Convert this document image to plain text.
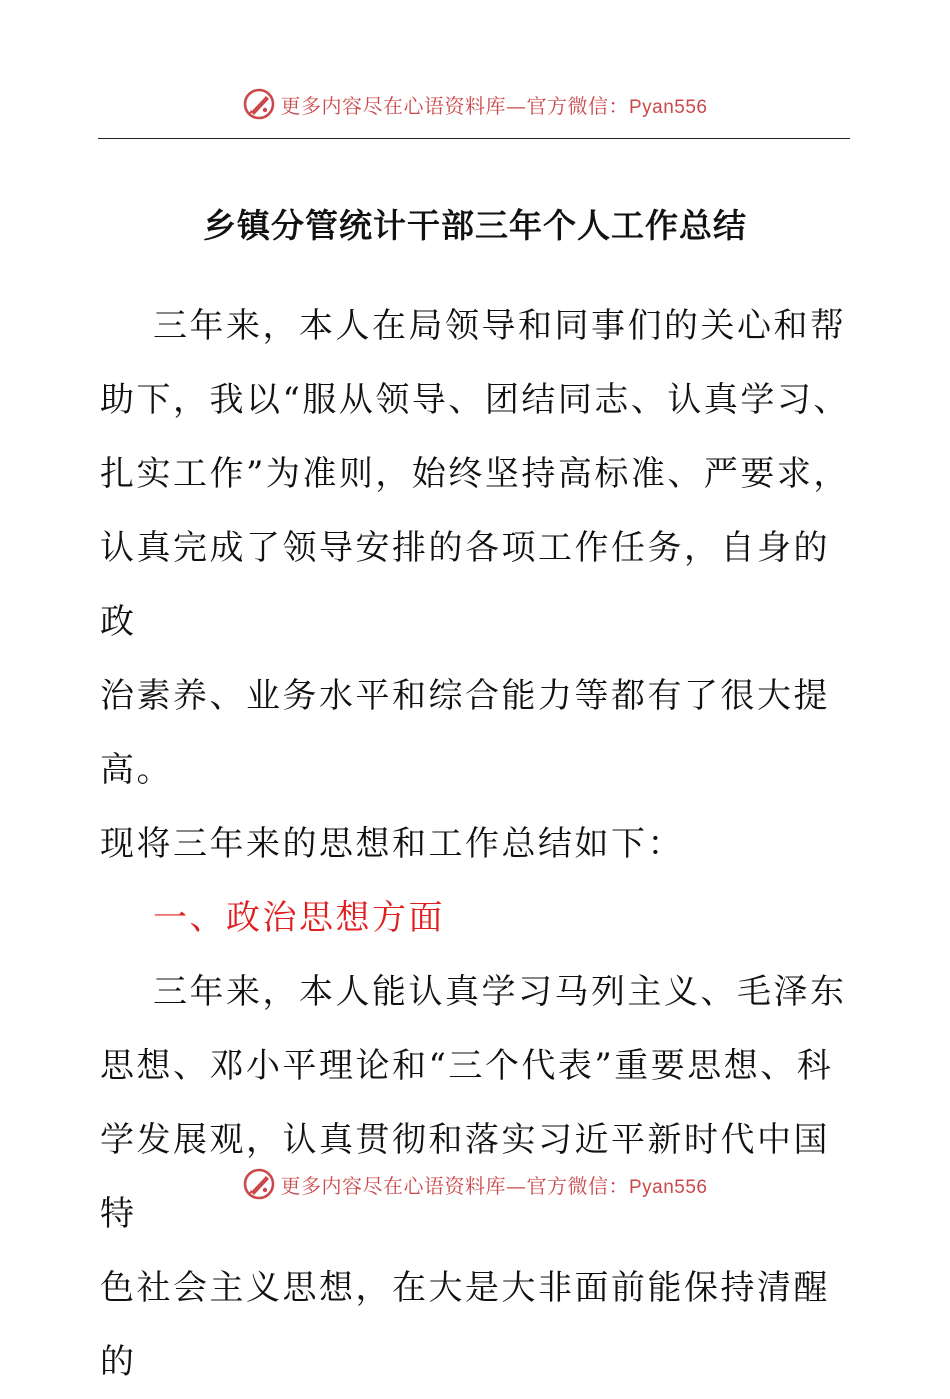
更多内容尽在心语资料库—官方微信：Pyan556
乡镇分管统计干部三年个人工作总结

三年来，本人在局领导和同事们的关心和帮

助下，我以“服从领导、团结同志、认真学习、

扎实工作”为准则，始终坚持高标准、严要求，

认真完成了领导安排的各项工作任务，自身的政

治素养、业务水平和综合能力等都有了很大提高。

现将三年来的思想和工作总结如下：

一、政治思想方面

三年来，本人能认真学习马列主义、毛泽东

思想、邓小平理论和“三个代表”重要思想、科

学发展观，认真贯彻和落实习近平新时代中国特

色社会主义思想，在大是大非面前能保持清醒的

更多内容尽在心语资料库—官方微信：Pyan556
